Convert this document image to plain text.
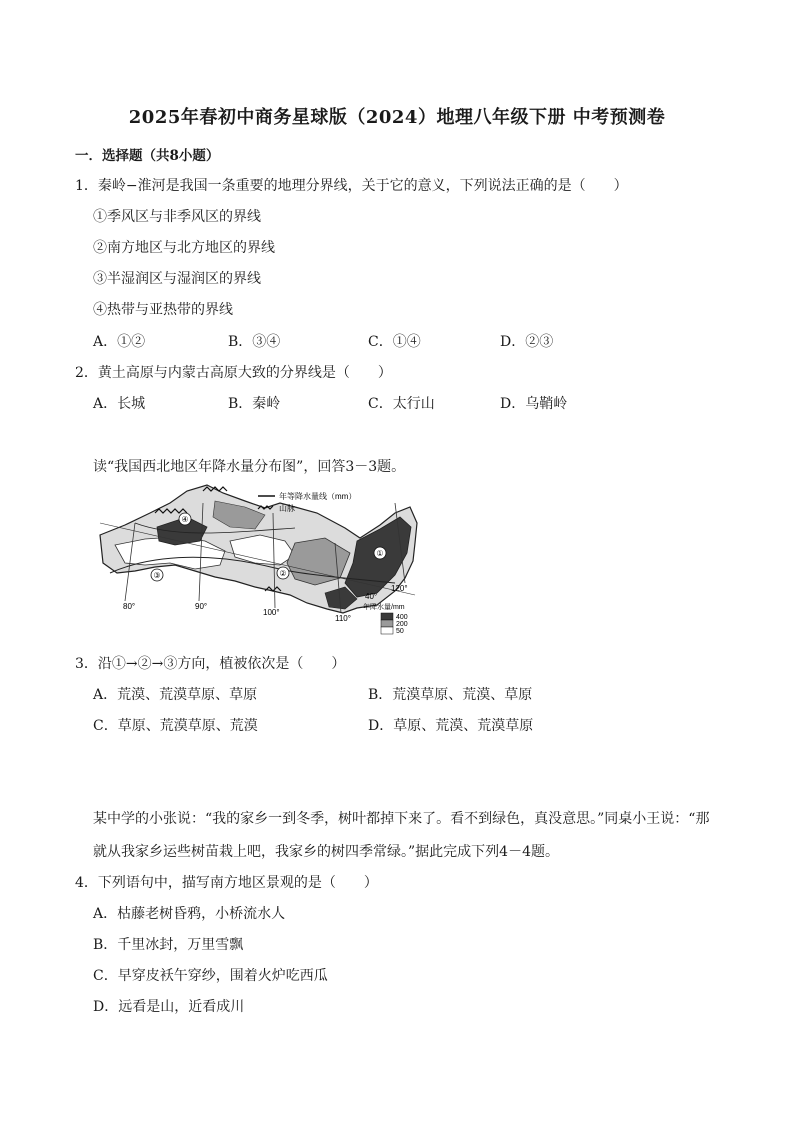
2025年春初中商务星球版（2024）地理八年级下册 中考预测卷
一．选择题（共8小题）
1．秦岭−淮河是我国一条重要的地理分界线，关于它的意义，下列说法正确的是（　　）
①季风区与非季风区的界线
②南方地区与北方地区的界线
③半湿润区与湿润区的界线
④热带与亚热带的界线
A．①②	B．③④	C．①④	D．②③
2．黄土高原与内蒙古高原大致的分界线是（　　）
A．长城	B．秦岭	C．太行山	D．乌鞘岭
读“我国西北地区年降水量分布图”，回答3－3题。
年等降水量线（mm）
山脉
①
②
③
④
80°	90°
100°
110°
120°
40°
年降水量/mm
400
200
50
3．沿①→②→③方向，植被依次是（　　）
A．荒漠、荒漠草原、草原	B．荒漠草原、荒漠、草原
C．草原、荒漠草原、荒漠	D．草原、荒漠、荒漠草原
某中学的小张说：“我的家乡一到冬季，树叶都掉下来了。看不到绿色，真没意思。”同桌小王说：“那
就从我家乡运些树苗栽上吧，我家乡的树四季常绿。”据此完成下列4－4题。
4．下列语句中，描写南方地区景观的是（　　）
A．枯藤老树昏鸦，小桥流水人
B．千里冰封，万里雪飘
C．早穿皮袄午穿纱，围着火炉吃西瓜
D．远看是山，近看成川
